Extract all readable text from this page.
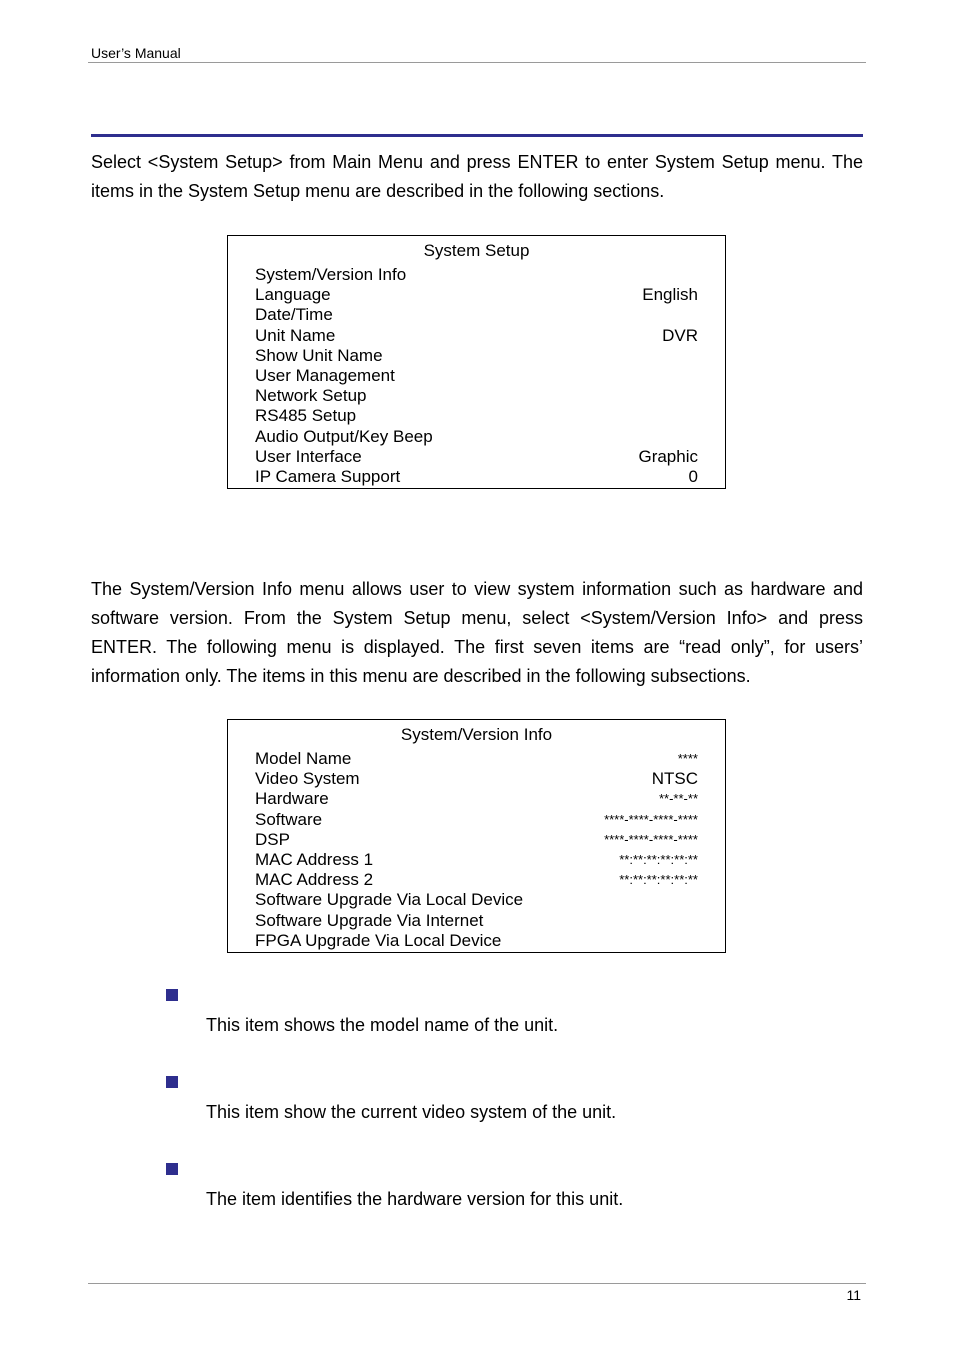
User’s Manual

Select <System Setup> from Main Menu and press ENTER to enter System Setup menu. The items in the System Setup menu are described in the following sections.

System Setup
System/Version Info
Language	English
Date/Time
Unit Name	DVR
Show Unit Name
User Management
Network Setup
RS485 Setup
Audio Output/Key Beep
User Interface	Graphic
IP Camera Support	0

The System/Version Info menu allows user to view system information such as hardware and software version. From the System Setup menu, select <System/Version Info> and press ENTER. The following menu is displayed. The first seven items are “read only”, for users’ information only. The items in this menu are described in the following subsections.

System/Version Info
Model Name	****
Video System	NTSC
Hardware	**-**-**
Software	****-****-****-****
DSP	****-****-****-****
MAC Address 1	**:**:**:**:**:**
MAC Address 2	**:**:**:**:**:**
Software Upgrade Via Local Device
Software Upgrade Via Internet
FPGA Upgrade Via Local Device
This item shows the model name of the unit.
This item show the current video system of the unit.
The item identifies the hardware version for this unit.
11
